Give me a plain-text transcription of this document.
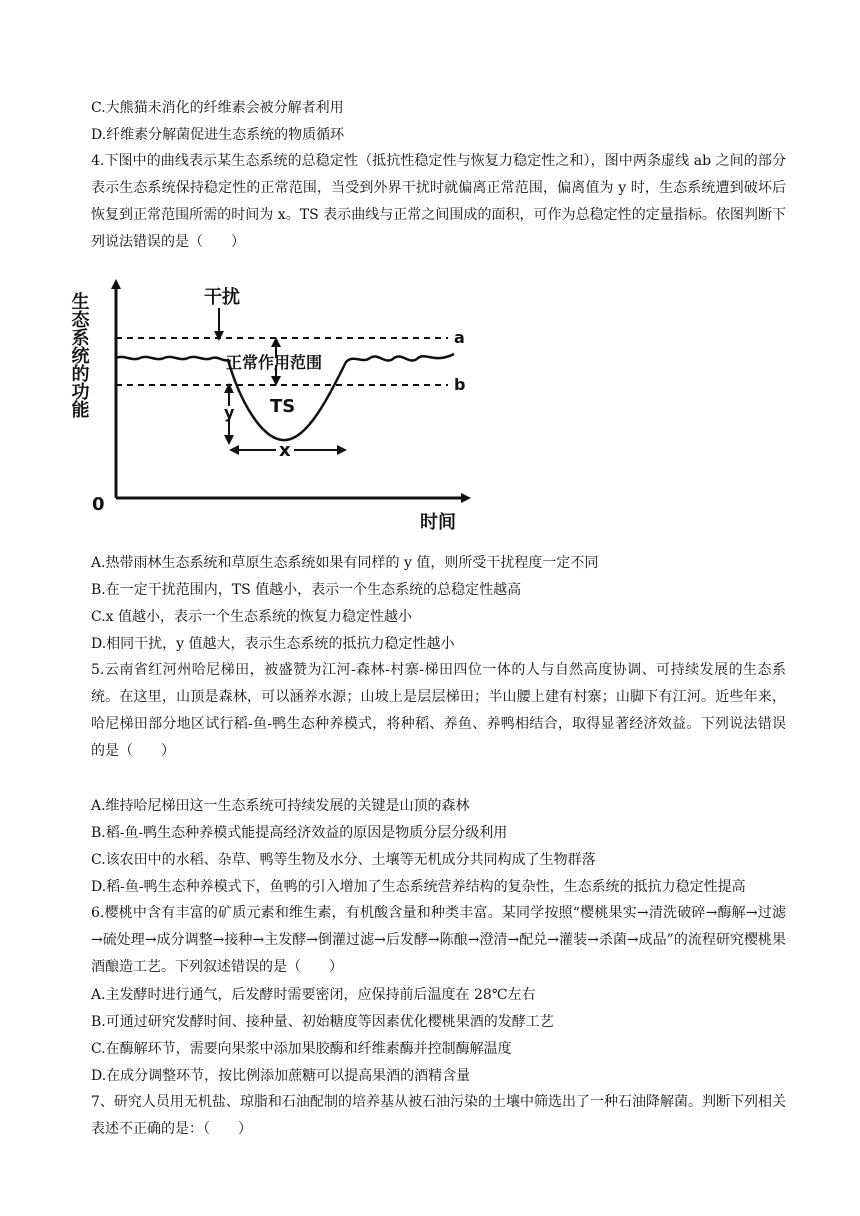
C.大熊猫未消化的纤维素会被分解者利用
D.纤维素分解菌促进生态系统的物质循环
4.下图中的曲线表示某生态系统的总稳定性（抵抗性稳定性与恢复力稳定性之和），图中两条虚线 ab 之间的部分表示生态系统保持稳定性的正常范围，当受到外界干扰时就偏离正常范围，偏离值为 y 时，生态系统遭到破坏后恢复到正常范围所需的时间为 x。TS 表示曲线与正常之间围成的面积，可作为总稳定性的定量指标。依图判断下列说法错误的是（　　）
干扰
正常作用范围
y TS
x
a
b
生态系统的功能
0
时间
A.热带雨林生态系统和草原生态系统如果有同样的 y 值，则所受干扰程度一定不同
B.在一定干扰范围内，TS 值越小，表示一个生态系统的总稳定性越高
C.x 值越小，表示一个生态系统的恢复力稳定性越小
D.相同干扰，y 值越大，表示生态系统的抵抗力稳定性越小
5.云南省红河州哈尼梯田，被盛赞为江河-森林-村寨-梯田四位一体的人与自然高度协调、可持续发展的生态系统。在这里，山顶是森林，可以涵养水源；山坡上是层层梯田；半山腰上建有村寨；山脚下有江河。近些年来，哈尼梯田部分地区试行稻-鱼-鸭生态种养模式，将种稻、养鱼、养鸭相结合，取得显著经济效益。下列说法错误的是（　　）
A.维持哈尼梯田这一生态系统可持续发展的关键是山顶的森林
B.稻-鱼-鸭生态种养模式能提高经济效益的原因是物质分层分级利用
C.该农田中的水稻、杂草、鸭等生物及水分、土壤等无机成分共同构成了生物群落
D.稻-鱼-鸭生态种养模式下，鱼鸭的引入增加了生态系统营养结构的复杂性，生态系统的抵抗力稳定性提高
6.樱桃中含有丰富的矿质元素和维生素，有机酸含量和种类丰富。某同学按照“樱桃果实→清洗破碎→酶解→过滤→硫处理→成分调整→接种→主发酵→倒灌过滤→后发酵→陈酿→澄清→配兑→灌装→杀菌→成品”的流程研究樱桃果酒酿造工艺。下列叙述错误的是（　　）
A.主发酵时进行通气，后发酵时需要密闭，应保持前后温度在 28℃左右
B.可通过研究发酵时间、接种量、初始糖度等因素优化樱桃果酒的发酵工艺
C.在酶解环节，需要向果浆中添加果胶酶和纤维素酶并控制酶解温度
D.在成分调整环节，按比例添加蔗糖可以提高果酒的酒精含量
7、研究人员用无机盐、琼脂和石油配制的培养基从被石油污染的土壤中筛选出了一种石油降解菌。判断下列相关表述不正确的是：（　　）
